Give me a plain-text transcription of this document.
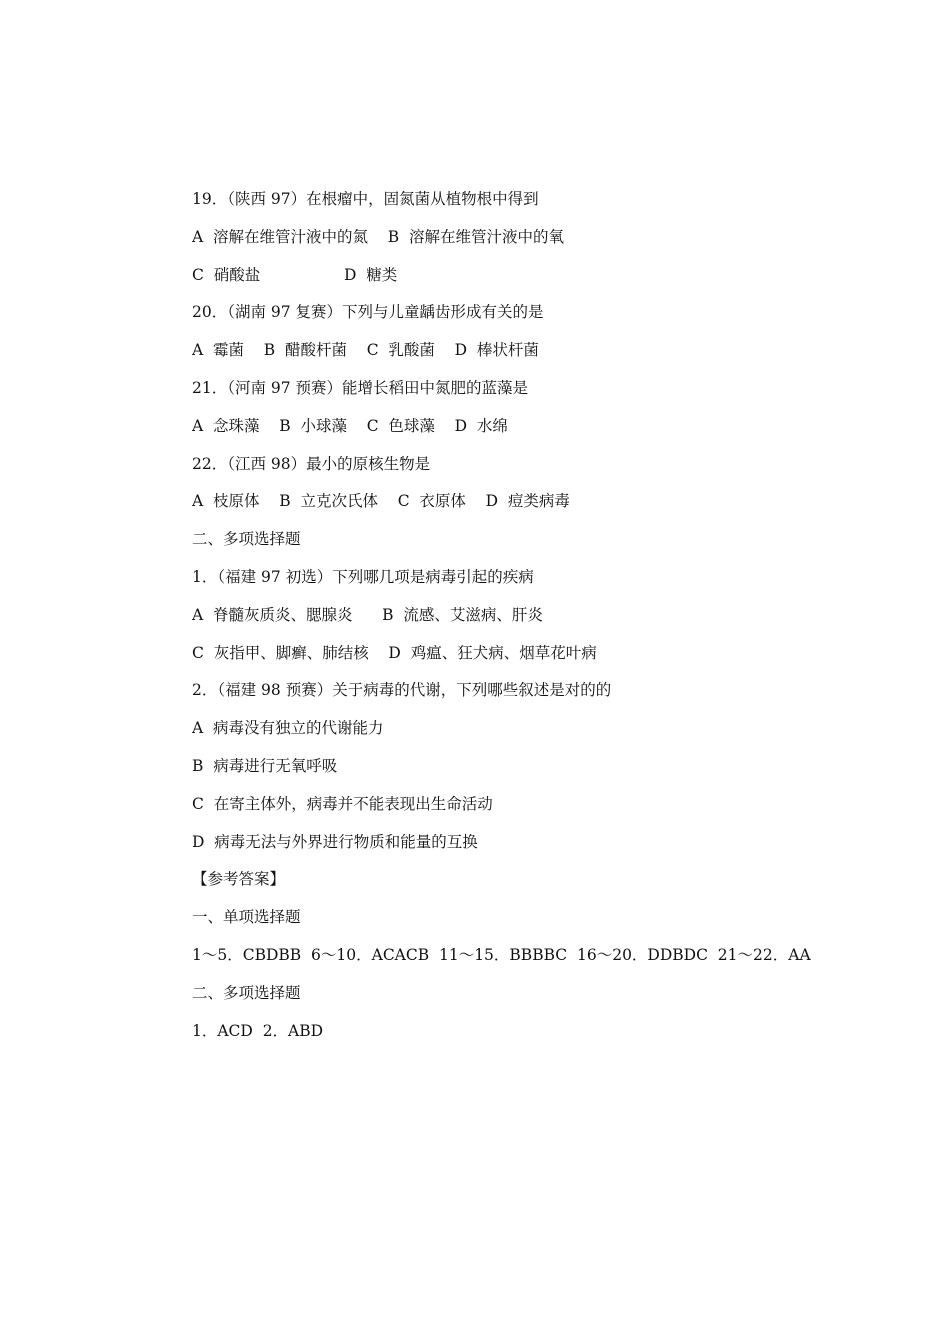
19．（陕西 97）在根瘤中，固氮菌从植物根中得到
A  溶解在维管汁液中的氮    B  溶解在维管汁液中的氧
C  硝酸盐                 D  糖类
20．（湖南 97 复赛）下列与儿童龋齿形成有关的是
A  霉菌    B  醋酸杆菌    C  乳酸菌    D  棒状杆菌
21．（河南 97 预赛）能增长稻田中氮肥的蓝藻是
A  念珠藻    B  小球藻    C  色球藻    D  水绵
22．（江西 98）最小的原核生物是
A  枝原体    B  立克次氏体    C  衣原体    D  痘类病毒
二、多项选择题
1．（福建 97 初选）下列哪几项是病毒引起的疾病
A  脊髓灰质炎、腮腺炎      B  流感、艾滋病、肝炎
C  灰指甲、脚癣、肺结核    D  鸡瘟、狂犬病、烟草花叶病
2．（福建 98 预赛）关于病毒的代谢，下列哪些叙述是对的的
A  病毒没有独立的代谢能力
B  病毒进行无氧呼吸
C  在寄主体外，病毒并不能表现出生命活动
D  病毒无法与外界进行物质和能量的互换
【参考答案】
一、单项选择题
1～5．CBDBB  6～10．ACACB  11～15．BBBBC  16～20．DDBDC  21～22．AA
二、多项选择题
1．ACD  2．ABD
